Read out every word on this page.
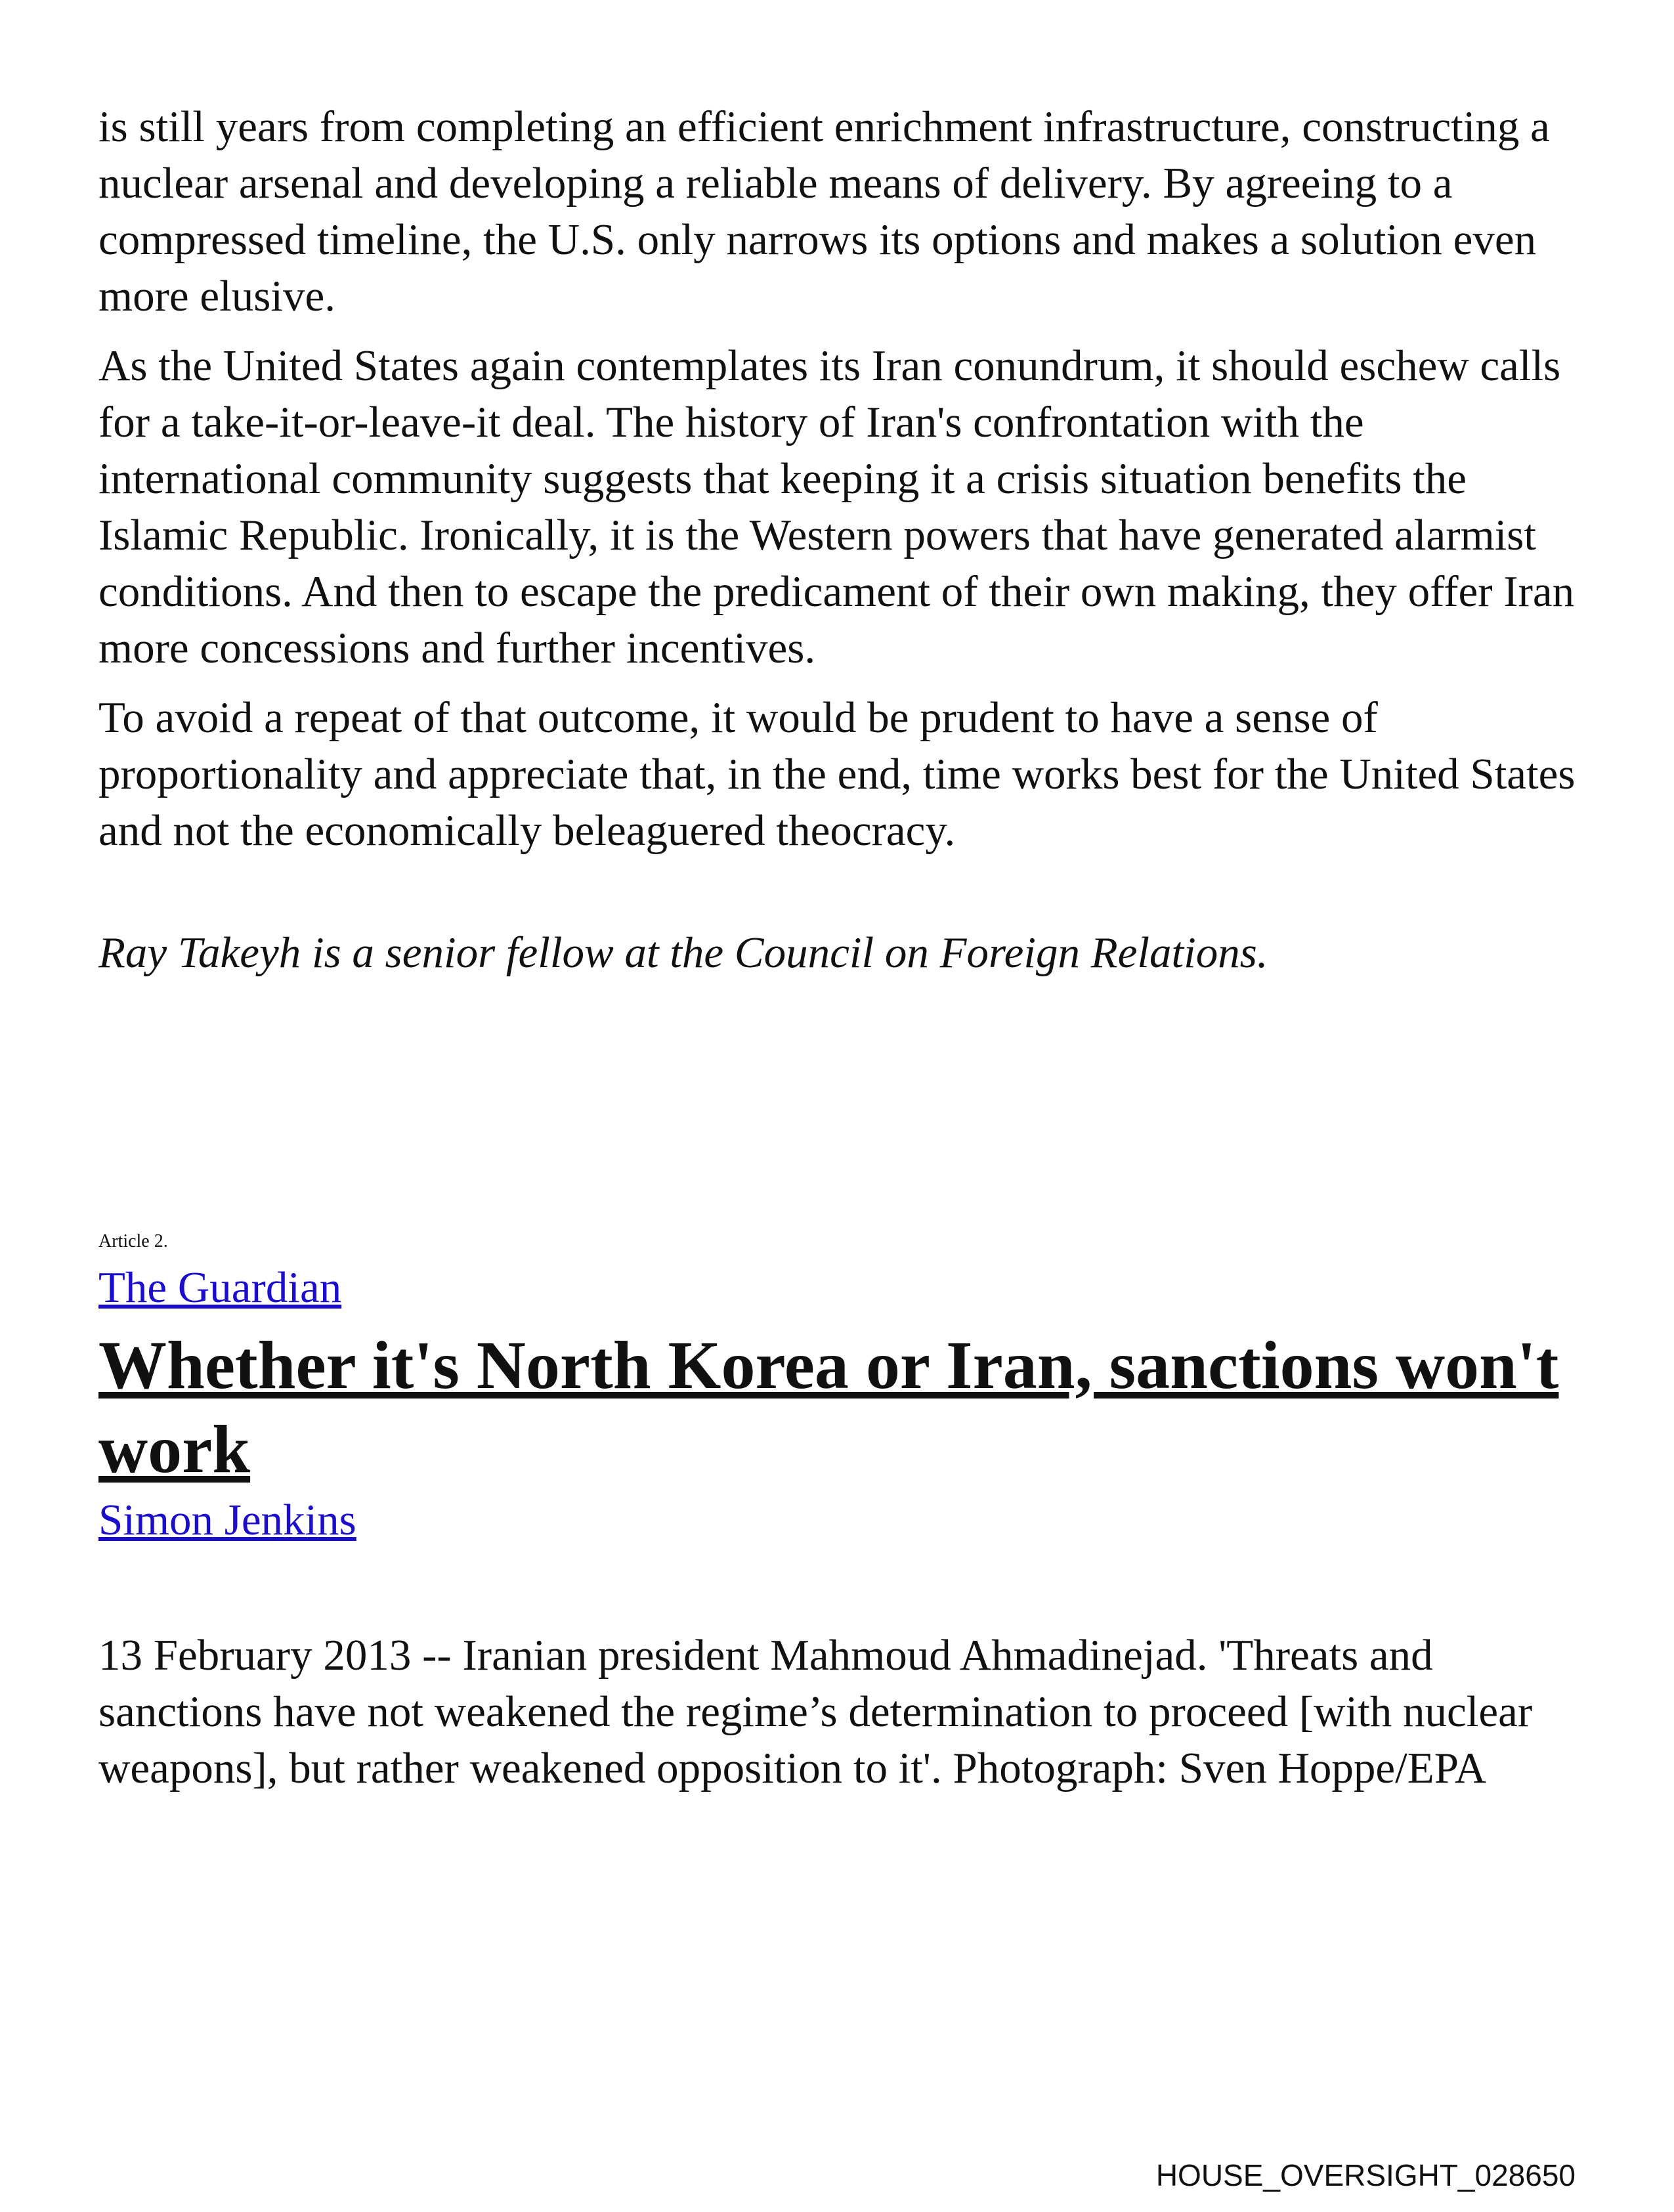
is still years from completing an efficient enrichment infrastructure, constructing a nuclear arsenal and developing a reliable means of delivery. By agreeing to a compressed timeline, the U.S. only narrows its options and makes a solution even more elusive.

As the United States again contemplates its Iran conundrum, it should eschew calls for a take-it-or-leave-it deal. The history of Iran's confrontation with the international community suggests that keeping it a crisis situation benefits the Islamic Republic. Ironically, it is the Western powers that have generated alarmist conditions. And then to escape the predicament of their own making, they offer Iran more concessions and further incentives.

To avoid a repeat of that outcome, it would be prudent to have a sense of proportionality and appreciate that, in the end, time works best for the United States and not the economically beleaguered theocracy.

Ray Takeyh is a senior fellow at the Council on Foreign Relations.

Article 2.
The Guardian
Whether it's North Korea or Iran, sanctions won't work
Simon Jenkins

13 February 2013 -- Iranian president Mahmoud Ahmadinejad. 'Threats and sanctions have not weakened the regime’s determination to proceed [with nuclear weapons], but rather weakened opposition to it'. Photograph: Sven Hoppe/EPA

HOUSE_OVERSIGHT_028650
